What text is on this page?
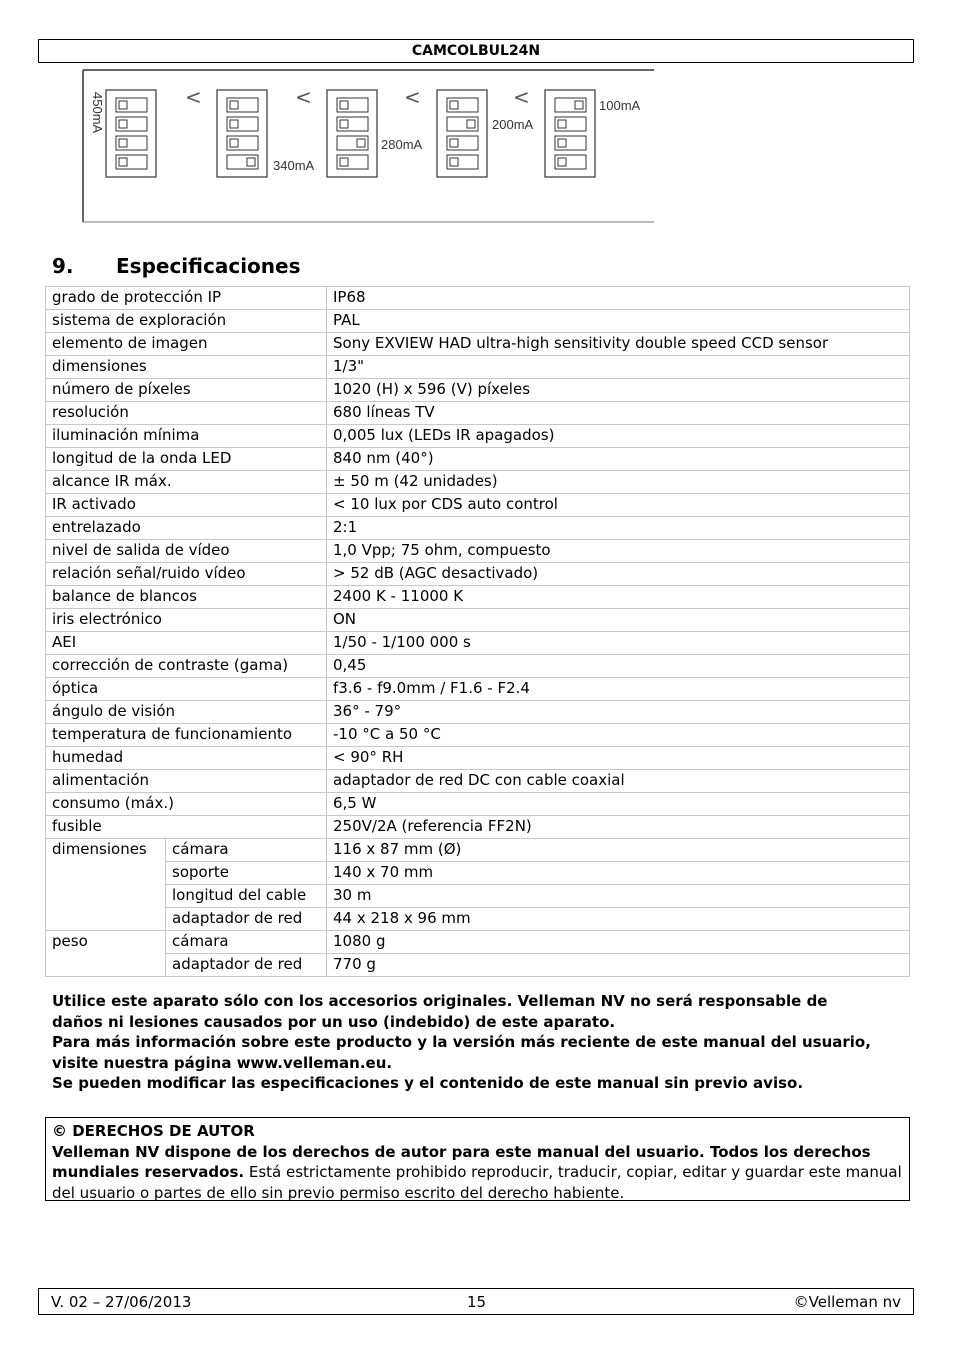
CAMCOLBUL24N
<	<	<	<
450mA
340mA
280mA
200mA
100mA
9. Especificaciones
grado de protección IP		IP68
sistema de exploración		PAL
elemento de imagen		Sony EXVIEW HAD ultra-high sensitivity double speed CCD sensor
dimensiones		1/3"
número de píxeles		1020 (H) x 596 (V) píxeles
resolución		680 líneas TV
iluminación mínima		0,005 lux (LEDs IR apagados)
longitud de la onda LED		840 nm (40°)
alcance IR máx.		± 50 m (42 unidades)
IR activado		< 10 lux por CDS auto control
entrelazado		2:1
nivel de salida de vídeo		1,0 Vpp; 75 ohm, compuesto
relación señal/ruido vídeo		> 52 dB (AGC desactivado)
balance de blancos		2400 K - 11000 K
iris electrónico		ON
AEI		1/50 - 1/100 000 s
corrección de contraste (gama)		0,45
óptica		f3.6 - f9.0mm / F1.6 - F2.4
ángulo de visión		36° - 79°
temperatura de funcionamiento		-10 °C a 50 °C
humedad		< 90° RH
alimentación		adaptador de red DC con cable coaxial
consumo (máx.)		6,5 W
fusible		250V/2A (referencia FF2N)
dimensiones	cámara	116 x 87 mm (Ø)
	soporte	140 x 70 mm
	longitud del cable	30 m
	adaptador de red	44 x 218 x 96 mm
peso	cámara	1080 g
	adaptador de red	770 g

Utilice este aparato sólo con los accesorios originales. Velleman NV no será responsable de daños ni lesiones causados por un uso (indebido) de este aparato.

Para más información sobre este producto y la versión más reciente de este manual del usuario, visite nuestra página www.velleman.eu.

Se pueden modificar las especificaciones y el contenido de este manual sin previo aviso.

© DERECHOS DE AUTOR
Velleman NV dispone de los derechos de autor para este manual del usuario. Todos los derechos mundiales reservados. Está estrictamente prohibido reproducir, traducir, copiar, editar y guardar este manual del usuario o partes de ello sin previo permiso escrito del derecho habiente.
V. 02 – 27/06/2013	15	©Velleman nv
